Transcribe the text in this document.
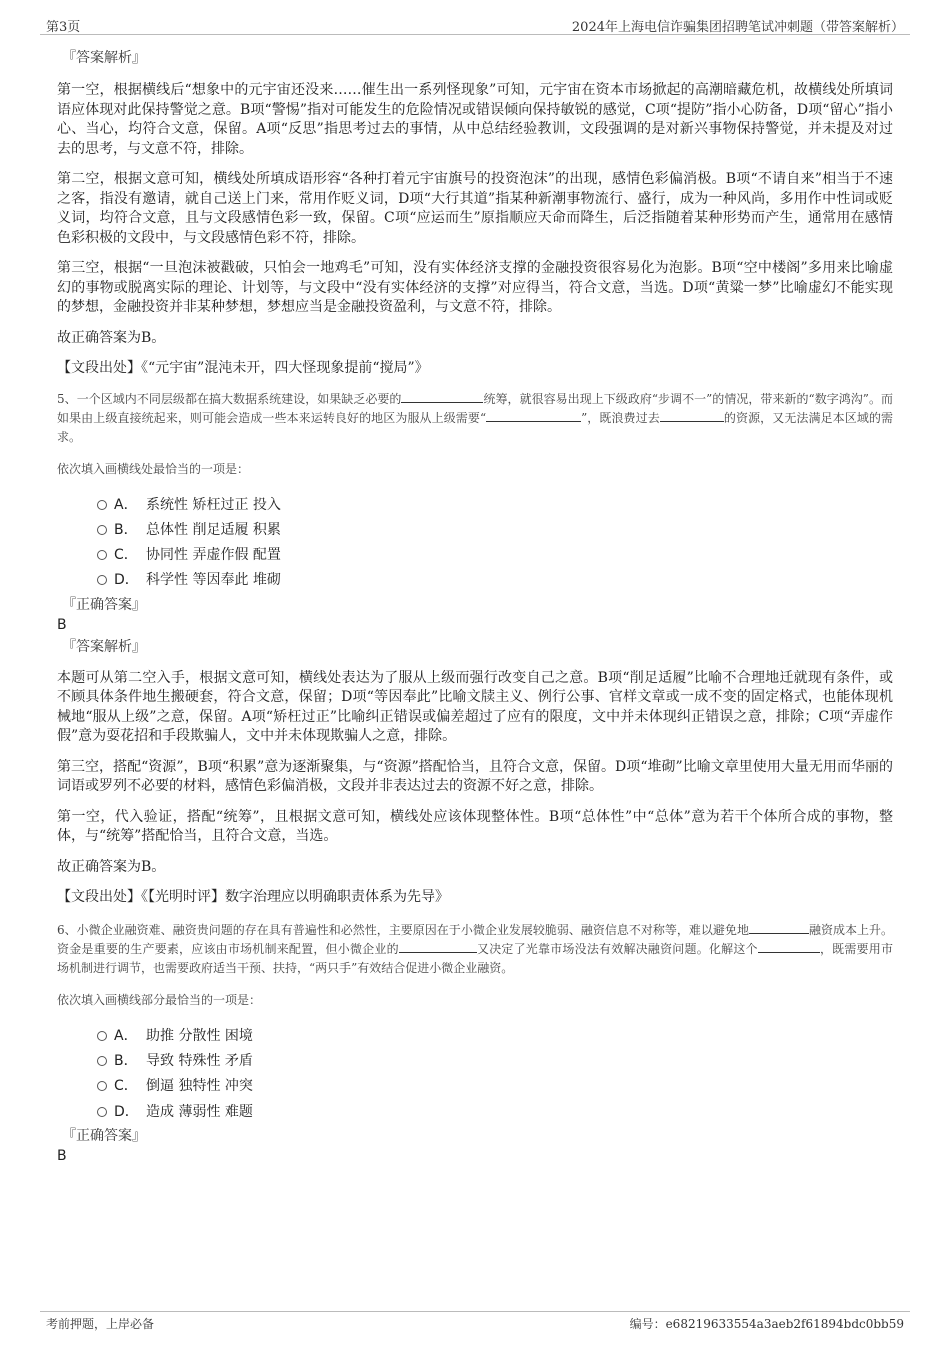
第3页	2024年上海电信诈骗集团招聘笔试冲刺题（带答案解析）
『答案解析』

第一空，根据横线后“想象中的元宇宙还没来……催生出一系列怪现象”可知，元宇宙在资本市场掀起的高潮暗藏危机，故横线处所填词语应体现对此保持警觉之意。B项“警惕”指对可能发生的危险情况或错误倾向保持敏锐的感觉，C项“提防”指小心防备，D项“留心”指小心、当心，均符合文意，保留。A项“反思”指思考过去的事情，从中总结经验教训，文段强调的是对新兴事物保持警觉，并未提及对过去的思考，与文意不符，排除。

第二空，根据文意可知，横线处所填成语形容“各种打着元宇宙旗号的投资泡沫”的出现，感情色彩偏消极。B项“不请自来”相当于不速之客，指没有邀请，就自己送上门来，常用作贬义词，D项“大行其道”指某种新潮事物流行、盛行，成为一种风尚，多用作中性词或贬义词，均符合文意，且与文段感情色彩一致，保留。C项“应运而生”原指顺应天命而降生，后泛指随着某种形势而产生，通常用在感情色彩积极的文段中，与文段感情色彩不符，排除。

第三空，根据“一旦泡沫被戳破，只怕会一地鸡毛”可知，没有实体经济支撑的金融投资很容易化为泡影。B项“空中楼阁”多用来比喻虚幻的事物或脱离实际的理论、计划等，与文段中“没有实体经济的支撑”对应得当，符合文意，当选。D项“黄粱一梦”比喻虚幻不能实现的梦想，金融投资并非某种梦想，梦想应当是金融投资盈利，与文意不符，排除。

故正确答案为B。

【文段出处】《“元宇宙”混沌未开，四大怪现象提前“搅局”》

5、一个区域内不同层级都在搞大数据系统建设，如果缺乏必要的	统筹，就很容易出现上下级政府“步调不一”的情况，带来新的“数字鸿沟”。而如果由上级直接统起来，则可能会造成一些本来运转良好的地区为服从上级需要“	”，既浪费过去	的资源，又无法满足本区域的需求。

依次填入画横线处最恰当的一项是：

A． 系统性 矫枉过正 投入
B． 总体性 削足适履 积累
C． 协同性 弄虚作假 配置
D． 科学性 等因奉此 堆砌
『正确答案』
B
『答案解析』

本题可从第二空入手，根据文意可知，横线处表达为了服从上级而强行改变自己之意。B项“削足适履”比喻不合理地迁就现有条件，或不顾具体条件地生搬硬套，符合文意，保留；D项“等因奉此”比喻文牍主义、例行公事、官样文章或一成不变的固定格式，也能体现机械地“服从上级”之意，保留。A项“矫枉过正”比喻纠正错误或偏差超过了应有的限度，文中并未体现纠正错误之意，排除；C项“弄虚作假”意为耍花招和手段欺骗人，文中并未体现欺骗人之意，排除。

第三空，搭配“资源”，B项“积累”意为逐渐聚集，与“资源”搭配恰当，且符合文意，保留。D项“堆砌”比喻文章里使用大量无用而华丽的词语或罗列不必要的材料，感情色彩偏消极，文段并非表达过去的资源不好之意，排除。

第一空，代入验证，搭配“统筹”，且根据文意可知，横线处应该体现整体性。B项“总体性”中“总体”意为若干个体所合成的事物，整体，与“统筹”搭配恰当，且符合文意，当选。

故正确答案为B。

【文段出处】《【光明时评】数字治理应以明确职责体系为先导》

6、小微企业融资难、融资贵问题的存在具有普遍性和必然性，主要原因在于小微企业发展较脆弱、融资信息不对称等，难以避免地	融资成本上升。资金是重要的生产要素，应该由市场机制来配置，但小微企业的	又决定了光靠市场没法有效解决融资问题。化解这个	，既需要用市场机制进行调节，也需要政府适当干预、扶持，“两只手”有效结合促进小微企业融资。

依次填入画横线部分最恰当的一项是：

A． 助推 分散性 困境
B． 导致 特殊性 矛盾
C． 倒逼 独特性 冲突
D． 造成 薄弱性 难题
『正确答案』
B
考前押题，上岸必备	编号：e68219633554a3aeb2f61894bdc0bb59
